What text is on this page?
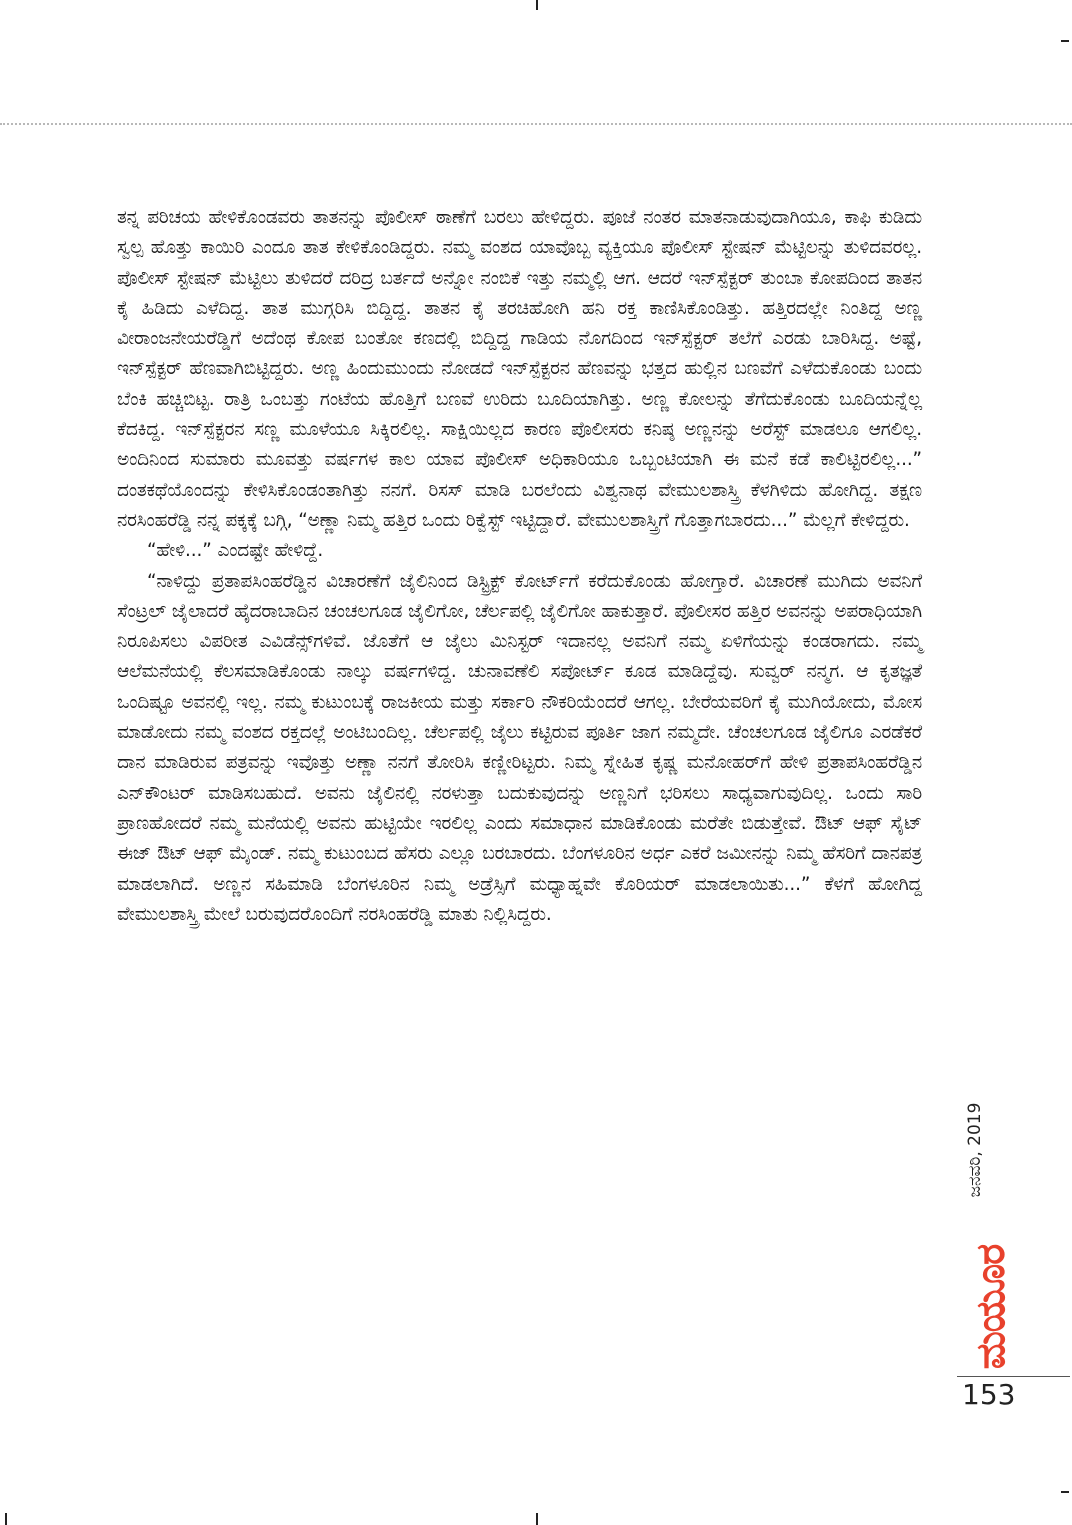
ತನ್ನ ಪರಿಚಯ ಹೇಳಿಕೊಂಡವರು ತಾತನನ್ನು ಪೊಲೀಸ್ ಠಾಣೆಗೆ ಬರಲು ಹೇಳಿದ್ದರು. ಪೂಜೆ ನಂತರ ಮಾತನಾಡುವುದಾಗಿಯೂ, ಕಾಫಿ ಕುಡಿದು ಸ್ವಲ್ಪ ಹೊತ್ತು ಕಾಯಿರಿ ಎಂದೂ ತಾತ ಕೇಳಿಕೊಂಡಿದ್ದರು. ನಮ್ಮ ವಂಶದ ಯಾವೊಬ್ಬ ವ್ಯಕ್ತಿಯೂ ಪೊಲೀಸ್ ಸ್ಟೇಷನ್ ಮೆಟ್ಟಿಲನ್ನು ತುಳಿದವರಲ್ಲ. ಪೊಲೀಸ್ ಸ್ಟೇಷನ್ ಮೆಟ್ಟಿಲು ತುಳಿದರೆ ದರಿದ್ರ ಬರ್ತದೆ ಅನ್ನೋ ನಂಬಿಕೆ ಇತ್ತು ನಮ್ಮಲ್ಲಿ ಆಗ. ಆದರೆ ಇನ್‌ಸ್ಪೆಕ್ಟರ್ ತುಂಬಾ ಕೋಪದಿಂದ ತಾತನ ಕೈ ಹಿಡಿದು ಎಳೆದಿದ್ದ. ತಾತ ಮುಗ್ಗರಿಸಿ ಬಿದ್ದಿದ್ದ. ತಾತನ ಕೈ ತರಚಿಹೋಗಿ ಹನಿ ರಕ್ತ ಕಾಣಿಸಿಕೊಂಡಿತ್ತು. ಹತ್ತಿರದಲ್ಲೇ ನಿಂತಿದ್ದ ಅಣ್ಣ ವೀರಾಂಜನೇಯರೆಡ್ಡಿಗೆ ಅದೆಂಥ ಕೋಪ ಬಂತೋ ಕಣದಲ್ಲಿ ಬಿದ್ದಿದ್ದ ಗಾಡಿಯ ನೊಗದಿಂದ ಇನ್‌ಸ್ಪೆಕ್ಟರ್ ತಲೆಗೆ ಎರಡು ಬಾರಿಸಿದ್ದ. ಅಷ್ಟೆ, ಇನ್‌ಸ್ಪೆಕ್ಟರ್ ಹೆಣವಾಗಿಬಿಟ್ಟಿದ್ದರು. ಅಣ್ಣ ಹಿಂದುಮುಂದು ನೋಡದೆ ಇನ್‌ಸ್ಪೆಕ್ಟರನ ಹೆಣವನ್ನು ಭತ್ತದ ಹುಲ್ಲಿನ ಬಣವೆಗೆ ಎಳೆದುಕೊಂಡು ಬಂದು ಬೆಂಕಿ ಹಚ್ಚಿಬಿಟ್ಟ. ರಾತ್ರಿ ಒಂಬತ್ತು ಗಂಟೆಯ ಹೊತ್ತಿಗೆ ಬಣವೆ ಉರಿದು ಬೂದಿಯಾಗಿತ್ತು. ಅಣ್ಣ ಕೋಲನ್ನು ತೆಗೆದುಕೊಂಡು ಬೂದಿಯನ್ನೆಲ್ಲ ಕೆದಕಿದ್ದ. ಇನ್‌ಸ್ಪೆಕ್ಟರನ ಸಣ್ಣ ಮೂಳೆಯೂ ಸಿಕ್ಕಿರಲಿಲ್ಲ. ಸಾಕ್ಷಿಯಿಲ್ಲದ ಕಾರಣ ಪೊಲೀಸರು ಕನಿಷ್ಠ ಅಣ್ಣನನ್ನು ಅರೆಸ್ಟ್ ಮಾಡಲೂ ಆಗಲಿಲ್ಲ. ಅಂದಿನಿಂದ ಸುಮಾರು ಮೂವತ್ತು ವರ್ಷಗಳ ಕಾಲ ಯಾವ ಪೊಲೀಸ್ ಅಧಿಕಾರಿಯೂ ಒಬ್ಬಂಟಿಯಾಗಿ ಈ ಮನೆ ಕಡೆ ಕಾಲಿಟ್ಟಿರಲಿಲ್ಲ...” ದಂತಕಥೆಯೊಂದನ್ನು ಕೇಳಿಸಿಕೊಂಡಂತಾಗಿತ್ತು ನನಗೆ. ರಿಸಸ್ ಮಾಡಿ ಬರಲೆಂದು ವಿಶ್ವನಾಥ ವೇಮುಲಶಾಸ್ತ್ರಿ ಕೆಳಗಿಳಿದು ಹೋಗಿದ್ದ. ತಕ್ಷಣ ನರಸಿಂಹರೆಡ್ಡಿ ನನ್ನ ಪಕ್ಕಕ್ಕೆ ಬಗ್ಗಿ, “ಅಣ್ಣಾ ನಿಮ್ಮ ಹತ್ತಿರ ಒಂದು ರಿಕ್ವೆಸ್ಟ್ ಇಟ್ಟಿದ್ದಾರೆ. ವೇಮುಲಶಾಸ್ತ್ರಿಗೆ ಗೊತ್ತಾಗಬಾರದು...” ಮೆಲ್ಲಗೆ ಕೇಳಿದ್ದರು.

“ಹೇಳಿ...” ಎಂದಷ್ಟೇ ಹೇಳಿದ್ದೆ.

“ನಾಳಿದ್ದು ಪ್ರತಾಪಸಿಂಹರೆಡ್ಡಿನ ವಿಚಾರಣೆಗೆ ಜೈಲಿನಿಂದ ಡಿಸ್ಟ್ರಿಕ್ಟ್ ಕೋರ್ಟ್‌ಗೆ ಕರೆದುಕೊಂಡು ಹೋಗ್ತಾರೆ. ವಿಚಾರಣೆ ಮುಗಿದು ಅವನಿಗೆ ಸೆಂಟ್ರಲ್ ಜೈಲಾದರೆ ಹೈದರಾಬಾದಿನ ಚಂಚಲಗೂಡ ಜೈಲಿಗೋ, ಚೆರ್ಲಪಲ್ಲಿ ಜೈಲಿಗೋ ಹಾಕುತ್ತಾರೆ. ಪೊಲೀಸರ ಹತ್ತಿರ ಅವನನ್ನು ಅಪರಾಧಿಯಾಗಿ ನಿರೂಪಿಸಲು ವಿಪರೀತ ಎವಿಡೆನ್ಸ್‌ಗಳಿವೆ. ಜೊತೆಗೆ ಆ ಜೈಲು ಮಿನಿಸ್ಟರ್ ಇದಾನಲ್ಲ ಅವನಿಗೆ ನಮ್ಮ ಏಳಿಗೆಯನ್ನು ಕಂಡರಾಗದು. ನಮ್ಮ ಆಲೆಮನೆಯಲ್ಲಿ ಕೆಲಸಮಾಡಿಕೊಂಡು ನಾಲ್ಕು ವರ್ಷಗಳಿದ್ದ. ಚುನಾವಣೆಲಿ ಸಪೋರ್ಟ್ ಕೂಡ ಮಾಡಿದ್ದೆವು. ಸುವ್ವರ್ ನನ್ಮಗ. ಆ ಕೃತಜ್ಞತೆ ಒಂದಿಷ್ಟೂ ಅವನಲ್ಲಿ ಇಲ್ಲ. ನಮ್ಮ ಕುಟುಂಬಕ್ಕೆ ರಾಜಕೀಯ ಮತ್ತು ಸರ್ಕಾರಿ ನೌಕರಿಯೆಂದರೆ ಆಗಲ್ಲ. ಬೇರೆಯವರಿಗೆ ಕೈ ಮುಗಿಯೋದು, ಮೋಸ ಮಾಡೋದು ನಮ್ಮ ವಂಶದ ರಕ್ತದಲ್ಲೆ ಅಂಟಿಬಂದಿಲ್ಲ. ಚೆರ್ಲಪಲ್ಲಿ ಜೈಲು ಕಟ್ಟಿರುವ ಪೂರ್ತಿ ಜಾಗ ನಮ್ಮದೇ. ಚೆಂಚಲಗೂಡ ಜೈಲಿಗೂ ಎರಡೆಕರೆ ದಾನ ಮಾಡಿರುವ ಪತ್ರವನ್ನು ಇವೊತ್ತು ಅಣ್ಣಾ ನನಗೆ ತೋರಿಸಿ ಕಣ್ಣೀರಿಟ್ಟರು. ನಿಮ್ಮ ಸ್ನೇಹಿತ ಕೃಷ್ಣ ಮನೋಹರ್‌ಗೆ ಹೇಳಿ ಪ್ರತಾಪಸಿಂಹರೆಡ್ಡಿನ ಎನ್‌ಕೌಂಟರ್ ಮಾಡಿಸಬಹುದೆ. ಅವನು ಜೈಲಿನಲ್ಲಿ ನರಳುತ್ತಾ ಬದುಕುವುದನ್ನು ಅಣ್ಣನಿಗೆ ಭರಿಸಲು ಸಾಧ್ಯವಾಗುವುದಿಲ್ಲ. ಒಂದು ಸಾರಿ ಪ್ರಾಣಹೋದರೆ ನಮ್ಮ ಮನೆಯಲ್ಲಿ ಅವನು ಹುಟ್ಟಿಯೇ ಇರಲಿಲ್ಲ ಎಂದು ಸಮಾಧಾನ ಮಾಡಿಕೊಂಡು ಮರೆತೇ ಬಿಡುತ್ತೇವೆ. ಔಟ್ ಆಫ್ ಸೈಟ್ ಈಜ್ ಔಟ್ ಆಫ್ ಮೈಂಡ್. ನಮ್ಮ ಕುಟುಂಬದ ಹೆಸರು ಎಲ್ಲೂ ಬರಬಾರದು. ಬೆಂಗಳೂರಿನ ಅರ್ಧ ಎಕರೆ ಜಮೀನನ್ನು ನಿಮ್ಮ ಹೆಸರಿಗೆ ದಾನಪತ್ರ ಮಾಡಲಾಗಿದೆ. ಅಣ್ಣನ ಸಹಿಮಾಡಿ ಬೆಂಗಳೂರಿನ ನಿಮ್ಮ ಅಡ್ರೆಸ್ಸಿಗೆ ಮಧ್ಯಾಹ್ನವೇ ಕೊರಿಯರ್ ಮಾಡಲಾಯಿತು...” ಕೆಳಗೆ ಹೋಗಿದ್ದ ವೇಮುಲಶಾಸ್ತ್ರಿ ಮೇಲೆ ಬರುವುದರೊಂದಿಗೆ ನರಸಿಂಹರೆಡ್ಡಿ ಮಾತು ನಿಲ್ಲಿಸಿದ್ದರು.

ಜನವರಿ, 2019
ಮಯೂರ
153
